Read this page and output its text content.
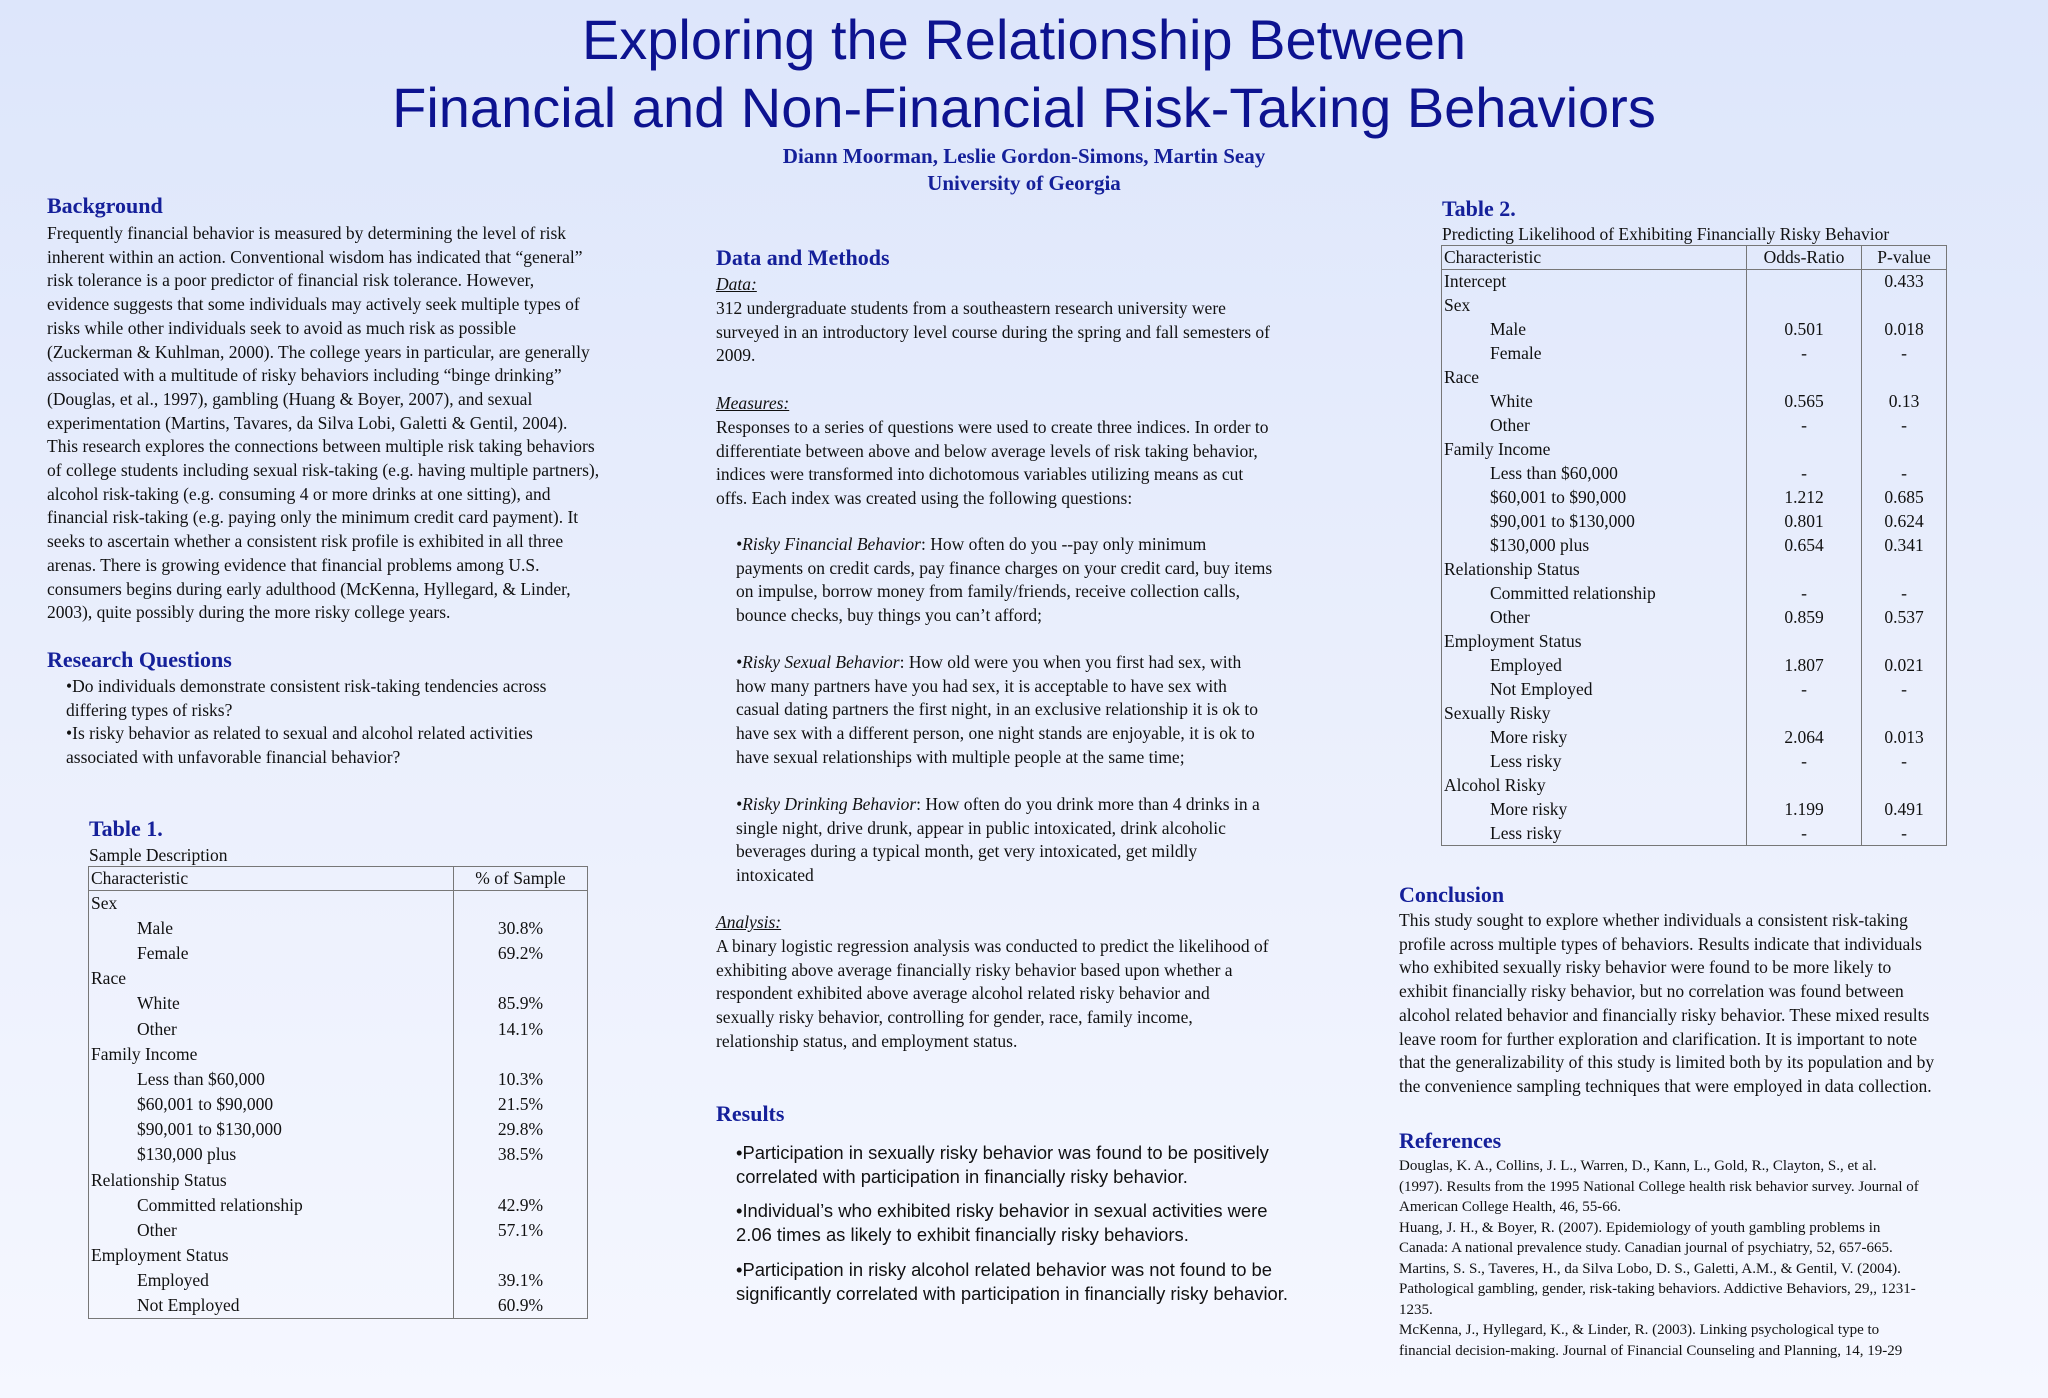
Exploring the Relationship Between
Financial and Non-Financial Risk-Taking Behaviors
Diann Moorman, Leslie Gordon-Simons, Martin Seay
University of Georgia
Background
Frequently financial behavior is measured by determining the level of risk
inherent within an action. Conventional wisdom has indicated that “general”
risk tolerance is a poor predictor of financial risk tolerance. However,
evidence suggests that some individuals may actively seek multiple types of
risks while other individuals seek to avoid as much risk as possible
(Zuckerman & Kuhlman, 2000). The college years in particular, are generally
associated with a multitude of risky behaviors including “binge drinking”
(Douglas, et al., 1997), gambling (Huang & Boyer, 2007), and sexual
experimentation (Martins, Tavares, da Silva Lobi, Galetti & Gentil, 2004).
This research explores the connections between multiple risk taking behaviors
of college students including sexual risk-taking (e.g. having multiple partners),
alcohol risk-taking (e.g. consuming 4 or more drinks at one sitting), and
financial risk-taking (e.g. paying only the minimum credit card payment). It
seeks to ascertain whether a consistent risk profile is exhibited in all three
arenas. There is growing evidence that financial problems among U.S.
consumers begins during early adulthood (McKenna, Hyllegard, & Linder,
2003), quite possibly during the more risky college years.
Research Questions
•Do individuals demonstrate consistent risk-taking tendencies across
differing types of risks?
•Is risky behavior as related to sexual and alcohol related activities
associated with unfavorable financial behavior?
Table 1.
Sample Description
Characteristic	% of Sample
Sex	
Male	30.8%
Female	69.2%
Race	
White	85.9%
Other	14.1%
Family Income	
Less than $60,000	10.3%
$60,001 to $90,000	21.5%
$90,001 to $130,000	29.8%
$130,000 plus	38.5%
Relationship Status	
Committed relationship	42.9%
Other	57.1%
Employment Status	
Employed	39.1%
Not Employed	60.9%
Data and Methods
Data:
312 undergraduate students from a southeastern research university were
surveyed in an introductory level course during the spring and fall semesters of
2009.
Measures:
Responses to a series of questions were used to create three indices. In order to
differentiate between above and below average levels of risk taking behavior,
indices were transformed into dichotomous variables utilizing means as cut
offs. Each index was created using the following questions:
•Risky Financial Behavior: How often do you --pay only minimum
payments on credit cards, pay finance charges on your credit card, buy items
on impulse, borrow money from family/friends, receive collection calls,
bounce checks, buy things you can’t afford;
•Risky Sexual Behavior: How old were you when you first had sex, with
how many partners have you had sex, it is acceptable to have sex with
casual dating partners the first night, in an exclusive relationship it is ok to
have sex with a different person, one night stands are enjoyable, it is ok to
have sexual relationships with multiple people at the same time;
•Risky Drinking Behavior: How often do you drink more than 4 drinks in a
single night, drive drunk, appear in public intoxicated, drink alcoholic
beverages during a typical month, get very intoxicated, get mildly
intoxicated
Analysis:
A binary logistic regression analysis was conducted to predict the likelihood of
exhibiting above average financially risky behavior based upon whether a
respondent exhibited above average alcohol related risky behavior and
sexually risky behavior, controlling for gender, race, family income,
relationship status, and employment status.
Results
•Participation in sexually risky behavior was found to be positively
correlated with participation in financially risky behavior.
•Individual’s who exhibited risky behavior in sexual activities were
2.06 times as likely to exhibit financially risky behaviors.
•Participation in risky alcohol related behavior was not found to be
significantly correlated with participation in financially risky behavior.
Table 2.
Predicting Likelihood of Exhibiting Financially Risky Behavior
Characteristic	Odds-Ratio	P-value
Intercept		0.433
Sex		
Male	0.501	0.018
Female	-	-
Race		
White	0.565	0.13
Other	-	-
Family Income		
Less than $60,000	-	-
$60,001 to $90,000	1.212	0.685
$90,001 to $130,000	0.801	0.624
$130,000 plus	0.654	0.341
Relationship Status		
Committed relationship	-	-
Other	0.859	0.537
Employment Status		
Employed	1.807	0.021
Not Employed	-	-
Sexually Risky		
More risky	2.064	0.013
Less risky	-	-
Alcohol Risky		
More risky	1.199	0.491
Less risky	-	-
Conclusion
This study sought to explore whether individuals a consistent risk-taking
profile across multiple types of behaviors. Results indicate that individuals
who exhibited sexually risky behavior were found to be more likely to
exhibit financially risky behavior, but no correlation was found between
alcohol related behavior and financially risky behavior. These mixed results
leave room for further exploration and clarification. It is important to note
that the generalizability of this study is limited both by its population and by
the convenience sampling techniques that were employed in data collection.
References
Douglas, K. A., Collins, J. L., Warren, D., Kann, L., Gold, R., Clayton, S., et al.
(1997). Results from the 1995 National College health risk behavior survey. Journal of
American College Health, 46, 55-66.
Huang, J. H., & Boyer, R. (2007). Epidemiology of youth gambling problems in
Canada: A national prevalence study. Canadian journal of psychiatry, 52, 657-665.
Martins, S. S., Taveres, H., da Silva Lobo, D. S., Galetti, A.M., & Gentil, V. (2004).
Pathological gambling, gender, risk-taking behaviors. Addictive Behaviors, 29,, 1231-
1235.
McKenna, J., Hyllegard, K., & Linder, R. (2003). Linking psychological type to
financial decision-making. Journal of Financial Counseling and Planning, 14, 19-29
